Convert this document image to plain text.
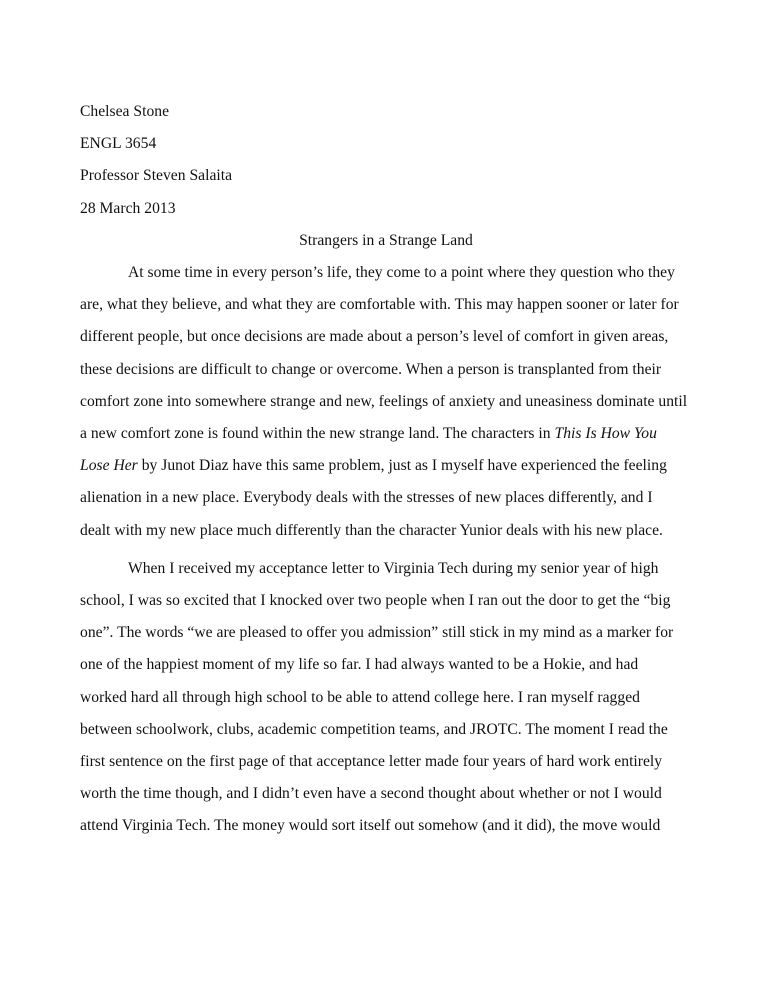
Chelsea Stone
ENGL 3654
Professor Steven Salaita
28 March 2013
Strangers in a Strange Land
At some time in every person’s life, they come to a point where they question who they
are, what they believe, and what they are comfortable with. This may happen sooner or later for
different people, but once decisions are made about a person’s level of comfort in given areas,
these decisions are difficult to change or overcome. When a person is transplanted from their
comfort zone into somewhere strange and new, feelings of anxiety and uneasiness dominate until
a new comfort zone is found within the new strange land. The characters in This Is How You
Lose Her by Junot Diaz have this same problem, just as I myself have experienced the feeling
alienation in a new place. Everybody deals with the stresses of new places differently, and I
dealt with my new place much differently than the character Yunior deals with his new place.
When I received my acceptance letter to Virginia Tech during my senior year of high
school, I was so excited that I knocked over two people when I ran out the door to get the “big
one”. The words “we are pleased to offer you admission” still stick in my mind as a marker for
one of the happiest moment of my life so far. I had always wanted to be a Hokie, and had
worked hard all through high school to be able to attend college here. I ran myself ragged
between schoolwork, clubs, academic competition teams, and JROTC. The moment I read the
first sentence on the first page of that acceptance letter made four years of hard work entirely
worth the time though, and I didn’t even have a second thought about whether or not I would
attend Virginia Tech. The money would sort itself out somehow (and it did), the move would
